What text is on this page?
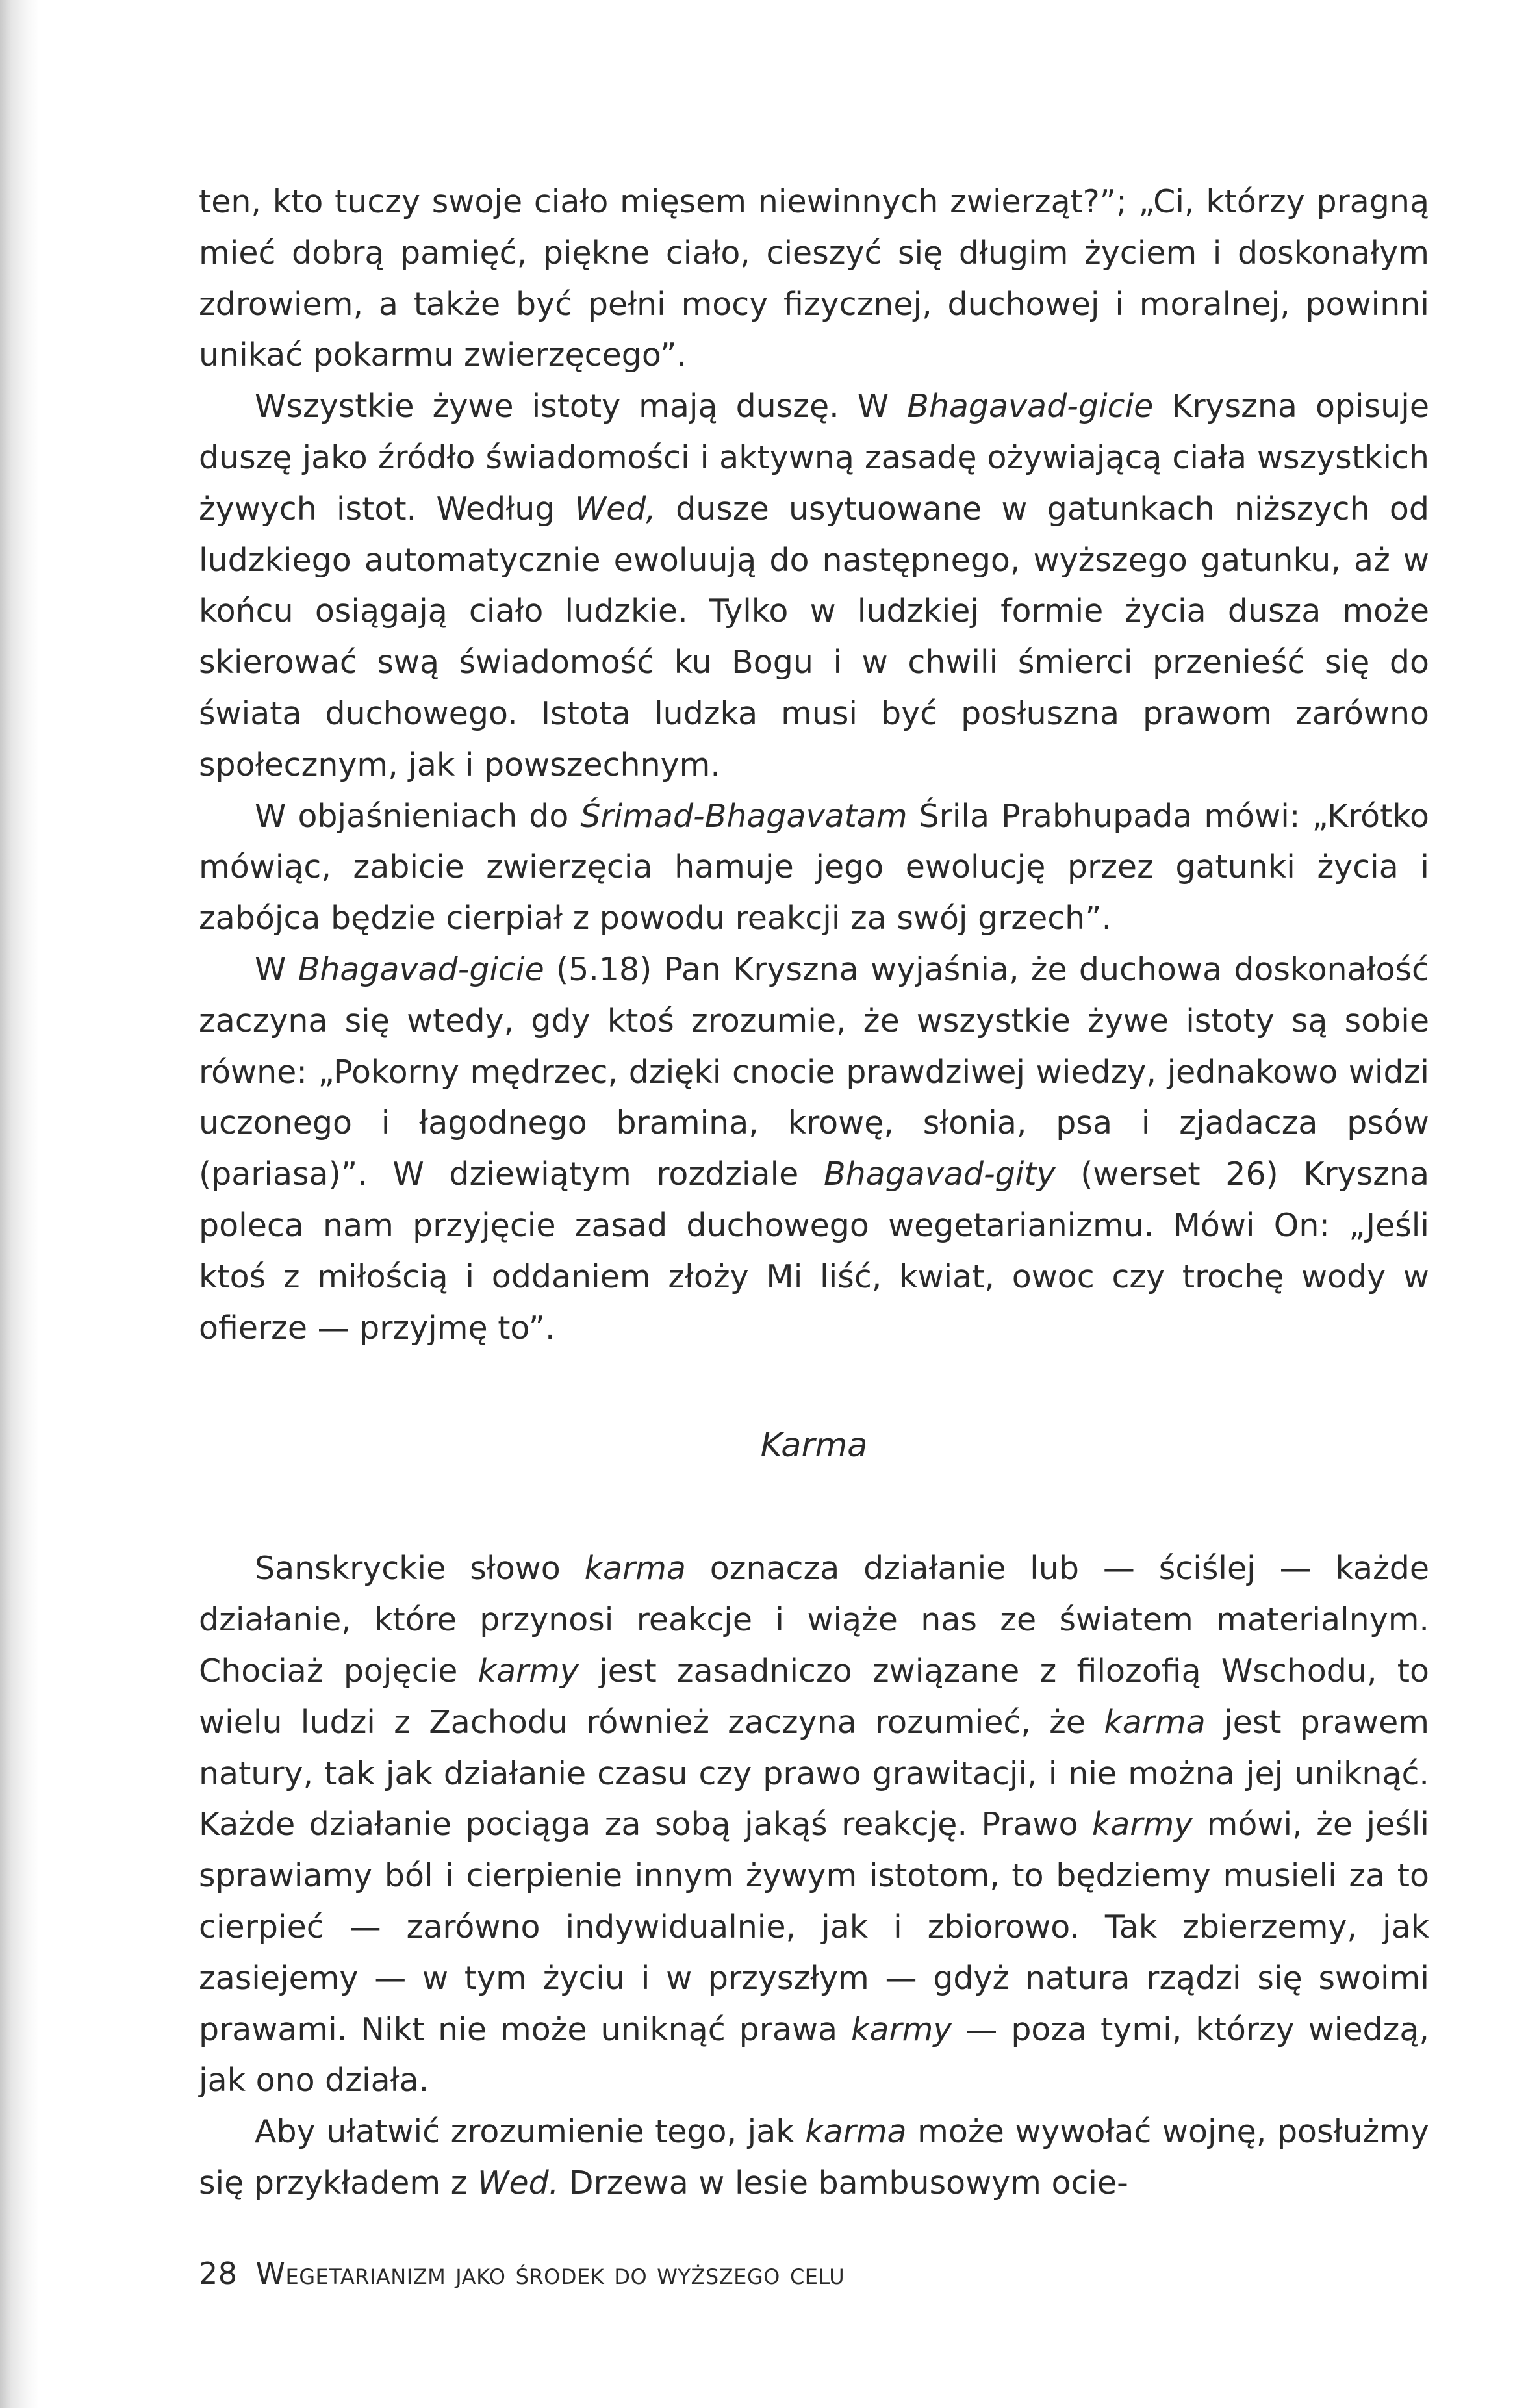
ten, kto tuczy swoje ciało mięsem niewinnych zwierząt?”; „Ci, którzy pragną mieć dobrą pamięć, piękne ciało, cieszyć się długim życiem i doskonałym zdrowiem, a także być pełni mocy fizycznej, duchowej i moralnej, powinni unikać pokarmu zwierzęcego”.

Wszystkie żywe istoty mają duszę. W Bhagavad-gicie Kryszna opisuje duszę jako źródło świadomości i aktywną zasadę ożywiającą ciała wszystkich żywych istot. Według Wed, dusze usytuowane w gatunkach niższych od ludzkiego automatycznie ewoluują do następnego, wyższego gatunku, aż w końcu osiągają ciało ludzkie. Tylko w ludzkiej formie życia dusza może skierować swą świadomość ku Bogu i w chwili śmierci przenieść się do świata duchowego. Istota ludzka musi być posłuszna prawom zarówno społecznym, jak i powszechnym.

W objaśnieniach do Śrimad-Bhagavatam Śrila Prabhupada mówi: „Krótko mówiąc, zabicie zwierzęcia hamuje jego ewolucję przez gatunki życia i zabójca będzie cierpiał z powodu reakcji za swój grzech”.

W Bhagavad-gicie (5.18) Pan Kryszna wyjaśnia, że duchowa doskonałość zaczyna się wtedy, gdy ktoś zrozumie, że wszystkie żywe istoty są sobie równe: „Pokorny mędrzec, dzięki cnocie prawdziwej wiedzy, jednakowo widzi uczonego i łagodnego bramina, krowę, słonia, psa i zjadacza psów (pariasa)”. W dziewiątym rozdziale Bhagavad-gity (werset 26) Kryszna poleca nam przyjęcie zasad duchowego wegetarianizmu. Mówi On: „Jeśli ktoś z miłością i oddaniem złoży Mi liść, kwiat, owoc czy trochę wody w ofierze — przyjmę to”.

Karma

Sanskryckie słowo karma oznacza działanie lub — ściślej — każde działanie, które przynosi reakcje i wiąże nas ze światem materialnym. Chociaż pojęcie karmy jest zasadniczo związane z filozofią Wschodu, to wielu ludzi z Zachodu również zaczyna rozumieć, że karma jest prawem natury, tak jak działanie czasu czy prawo grawitacji, i nie można jej uniknąć. Każde działanie pociąga za sobą jakąś reakcję. Prawo karmy mówi, że jeśli sprawiamy ból i cierpienie innym żywym istotom, to będziemy musieli za to cierpieć — zarówno indywidualnie, jak i zbiorowo. Tak zbierzemy, jak zasiejemy — w tym życiu i w przyszłym — gdyż natura rządzi się swoimi prawami. Nikt nie może uniknąć prawa karmy — poza tymi, którzy wiedzą, jak ono działa.

Aby ułatwić zrozumienie tego, jak karma może wywołać wojnę, posłużmy się przykładem z Wed. Drzewa w lesie bambusowym ocie-

28 Wegetarianizm jako środek do wyższego celu
